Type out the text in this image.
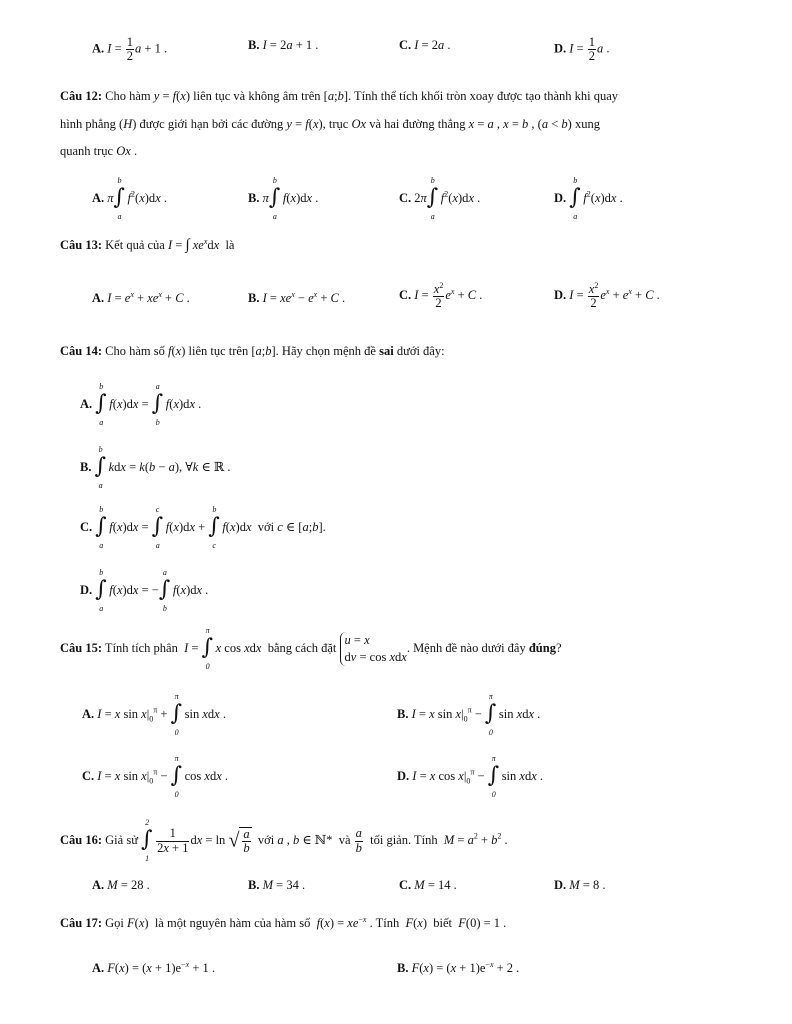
A. $I = \frac{1}{2}$ a + 1 .	B. I = 2a + 1 .	C. I = 2a .	D. $I = \frac{1}{2}$ a .
Câu 12: Cho hàm y = f(x) liên tục và không âm trên [a;b]. Tính thể tích khối tròn xoay được tạo thành khi quay
hình phẳng (H) được giới hạn bởi các đường y = f(x), trục Ox và hai đường thẳng x = a , x = b , (a < b) xung
quanh trục Ox .
A. π ∫
b
a
$f^2(x)dx$ .	B. π ∫
b
a
f(x)dx .	C. 2π ∫
b
a
$f^2(x)dx$ .	D. ∫
b
a
$f^2(x)dx$ .
Câu 13: Kết quả của I = ∫ $xe^xdx$  là
A. $I = e^x + xe^x + C$ .	B. $I = xe^x - e^x + C$ .	C. $I = \frac{x^2}{2} e^x + C$ .	D. $I = \frac{x^2}{2} e^x + e^x + C$ .
Câu 14: Cho hàm số f(x) liên tục trên [a;b]. Hãy chọn mệnh đề sai dưới đây:
A. ∫
b
a
f(x)dx = ∫
a
b
f(x)dx .
B. ∫
b
a
kdx = k(b − a), ∀k ∈ ℝ .
C. ∫
b
a
f(x)dx = ∫
c
a
f(x)dx + ∫
b
c
f(x)dx  với c ∈ [a;b].
D. ∫
b
a
f(x)dx = − ∫
a
b
f(x)dx .
Câu 15: Tính tích phân  I = ∫
π
0
x cos xdx  bằng cách đặt u = x
dv = cos xdx. Mệnh đề nào dưới đây đúng?
A. I = x $\sin x|_0^\pi$ + ∫
π
0
sin xdx .	B. I = x $\sin x|_0^\pi$ − ∫
π
0
sin xdx .
C. I = x $\sin x|_0^\pi$ − ∫
π
0
cos xdx .	D. I = x $\cos x|_0^\pi$ − ∫
π
0
sin xdx .
Câu 16: Giả sử ∫
2
1
$\frac{1}{2x + 1}$ dx = ln √ $\frac{a}{b}$ với a , b ∈ ℕ*  và $\frac{a}{b}$ tối giản. Tính  $M = a^2 + b^2$ .
A. M = 28 .	B. M = 34 .	C. M = 14 .	D. M = 8 .
Câu 17: Gọi F(x)  là một nguyên hàm của hàm số  $f(x) = xe^{-x}$ . Tính  F(x)  biết  F(0) = 1 .
A. $F(x) = (x + 1)e^{-x} + 1$ .	B. $F(x) = (x + 1)e^{-x} + 2$ .
